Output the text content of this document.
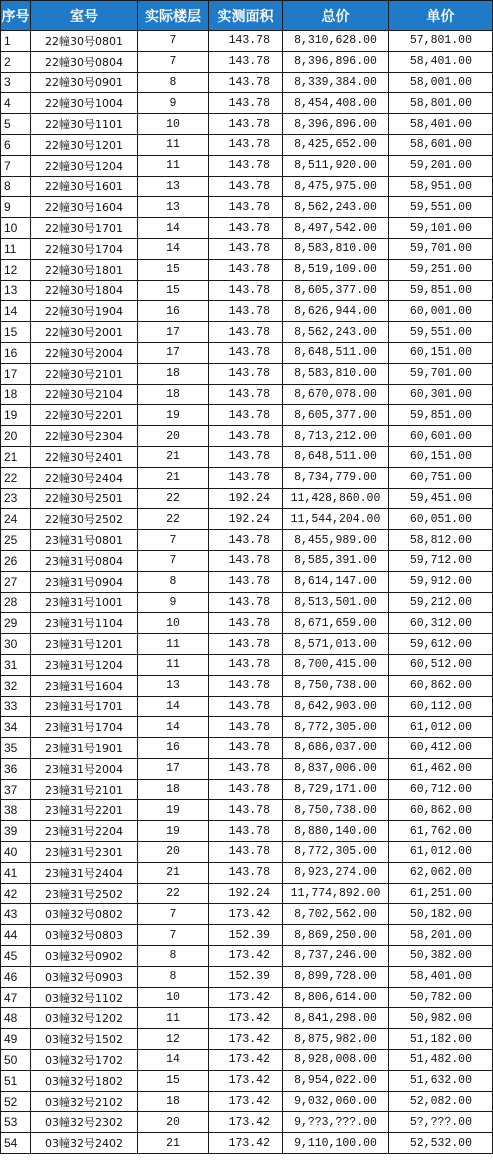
序号	室号	实际楼层	实测面积	总价	单价
1	22幢30号0801	7	143.78	8,310,628.00	57,801.00
2	22幢30号0804	7	143.78	8,396,896.00	58,401.00
3	22幢30号0901	8	143.78	8,339,384.00	58,001.00
4	22幢30号1004	9	143.78	8,454,408.00	58,801.00
5	22幢30号1101	10	143.78	8,396,896.00	58,401.00
6	22幢30号1201	11	143.78	8,425,652.00	58,601.00
7	22幢30号1204	11	143.78	8,511,920.00	59,201.00
8	22幢30号1601	13	143.78	8,475,975.00	58,951.00
9	22幢30号1604	13	143.78	8,562,243.00	59,551.00
10	22幢30号1701	14	143.78	8,497,542.00	59,101.00
11	22幢30号1704	14	143.78	8,583,810.00	59,701.00
12	22幢30号1801	15	143.78	8,519,109.00	59,251.00
13	22幢30号1804	15	143.78	8,605,377.00	59,851.00
14	22幢30号1904	16	143.78	8,626,944.00	60,001.00
15	22幢30号2001	17	143.78	8,562,243.00	59,551.00
16	22幢30号2004	17	143.78	8,648,511.00	60,151.00
17	22幢30号2101	18	143.78	8,583,810.00	59,701.00
18	22幢30号2104	18	143.78	8,670,078.00	60,301.00
19	22幢30号2201	19	143.78	8,605,377.00	59,851.00
20	22幢30号2304	20	143.78	8,713,212.00	60,601.00
21	22幢30号2401	21	143.78	8,648,511.00	60,151.00
22	22幢30号2404	21	143.78	8,734,779.00	60,751.00
23	22幢30号2501	22	192.24	11,428,860.00	59,451.00
24	22幢30号2502	22	192.24	11,544,204.00	60,051.00
25	23幢31号0801	7	143.78	8,455,989.00	58,812.00
26	23幢31号0804	7	143.78	8,585,391.00	59,712.00
27	23幢31号0904	8	143.78	8,614,147.00	59,912.00
28	23幢31号1001	9	143.78	8,513,501.00	59,212.00
29	23幢31号1104	10	143.78	8,671,659.00	60,312.00
30	23幢31号1201	11	143.78	8,571,013.00	59,612.00
31	23幢31号1204	11	143.78	8,700,415.00	60,512.00
32	23幢31号1604	13	143.78	8,750,738.00	60,862.00
33	23幢31号1701	14	143.78	8,642,903.00	60,112.00
34	23幢31号1704	14	143.78	8,772,305.00	61,012.00
35	23幢31号1901	16	143.78	8,686,037.00	60,412.00
36	23幢31号2004	17	143.78	8,837,006.00	61,462.00
37	23幢31号2101	18	143.78	8,729,171.00	60,712.00
38	23幢31号2201	19	143.78	8,750,738.00	60,862.00
39	23幢31号2204	19	143.78	8,880,140.00	61,762.00
40	23幢31号2301	20	143.78	8,772,305.00	61,012.00
41	23幢31号2404	21	143.78	8,923,274.00	62,062.00
42	23幢31号2502	22	192.24	11,774,892.00	61,251.00
43	03幢32号0802	7	173.42	8,702,562.00	50,182.00
44	03幢32号0803	7	152.39	8,869,250.00	58,201.00
45	03幢32号0902	8	173.42	8,737,246.00	50,382.00
46	03幢32号0903	8	152.39	8,899,728.00	58,401.00
47	03幢32号1102	10	173.42	8,806,614.00	50,782.00
48	03幢32号1202	11	173.42	8,841,298.00	50,982.00
49	03幢32号1502	12	173.42	8,875,982.00	51,182.00
50	03幢32号1702	14	173.42	8,928,008.00	51,482.00
51	03幢32号1802	15	173.42	8,954,022.00	51,632.00
52	03幢32号2102	18	173.42	9,032,060.00	52,082.00
53	03幢32号2302	20	173.42	9,??3,???.00	5?,???.00
54	03幢32号2402	21	173.42	9,110,100.00	52,532.00
